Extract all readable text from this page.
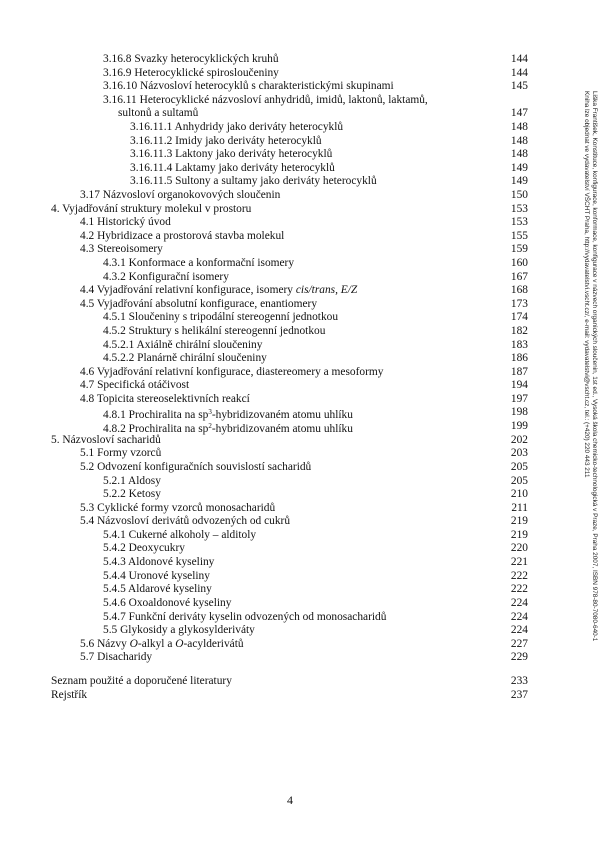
3.16.8 Svazky heterocyklických kruhů	144
3.16.9 Heterocyklické spirosloučeniny	144
3.16.10 Názvosloví heterocyklů s charakteristickými skupinami	145
3.16.11 Heterocyklické názvosloví anhydridů, imidů, laktonů, laktamů,
sultonů a sultamů	147
3.16.11.1 Anhydridy jako deriváty heterocyklů	148
3.16.11.2 Imidy jako deriváty heterocyklů	148
3.16.11.3 Laktony jako deriváty heterocyklů	148
3.16.11.4 Laktamy jako deriváty heterocyklů	149
3.16.11.5 Sultony a sultamy jako deriváty heterocyklů	149
3.17 Názvosloví organokovových sloučenin	150
4. Vyjadřování struktury molekul v prostoru	153
4.1 Historický úvod	153
4.2 Hybridizace a prostorová stavba molekul	155
4.3 Stereoisomery	159
4.3.1 Konformace a konformační isomery	160
4.3.2 Konfigurační isomery	167
4.4 Vyjadřování relativní konfigurace, isomery cis/trans, E/Z	168
4.5 Vyjadřování absolutní konfigurace, enantiomery	173
4.5.1 Sloučeniny s tripodální stereogenní jednotkou	174
4.5.2 Struktury s helikální stereogenní jednotkou	182
4.5.2.1 Axiálně chirální sloučeniny	183
4.5.2.2 Planárně chirální sloučeniny	186
4.6 Vyjadřování relativní konfigurace, diastereomery a mesoformy	187
4.7 Specifická otáčivost	194
4.8 Topicita stereoselektivních reakcí	197
4.8.1 Prochiralita na $sp^3$-hybridizovaném atomu uhlíku	198
4.8.2 Prochiralita na $sp^2$-hybridizovaném atomu uhlíku	199
5. Názvosloví sacharidů	202
5.1 Formy vzorců	203
5.2 Odvození konfiguračních souvislostí sacharidů	205
5.2.1 Aldosy	205
5.2.2 Ketosy	210
5.3 Cyklické formy vzorců monosacharidů	211
5.4 Názvosloví derivátů odvozených od cukrů	219
5.4.1 Cukerné alkoholy – alditoly	219
5.4.2 Deoxycukry	220
5.4.3 Aldonové kyseliny	221
5.4.4 Uronové kyseliny	222
5.4.5 Aldarové kyseliny	222
5.4.6 Oxoaldonové kyseliny	224
5.4.7 Funkční deriváty kyselin odvozených od monosacharidů	224
5.5 Glykosidy a glykosylderiváty	224
5.6 Názvy O-alkyl a O-acylderivátů	227
5.7 Disacharidy	229
Seznam použité a doporučené literatury	233
Rejstřík	237
Liška František, Konstituce, konfigurace, konformace, konfigurace v názvech organických sloučenin, 1st ed., Vysoká škola chemicko-technologická v Praze, Praha 2007, ISBN 978-80-7080-640-1
Kniha lze objednat ve vydavatelství VŠCHT Praha, http://vydavatelstvi.vscht.cz/, e-mail: vydavatelstvi@vscht.cz, tel.: (+420) 220 443 211
4
